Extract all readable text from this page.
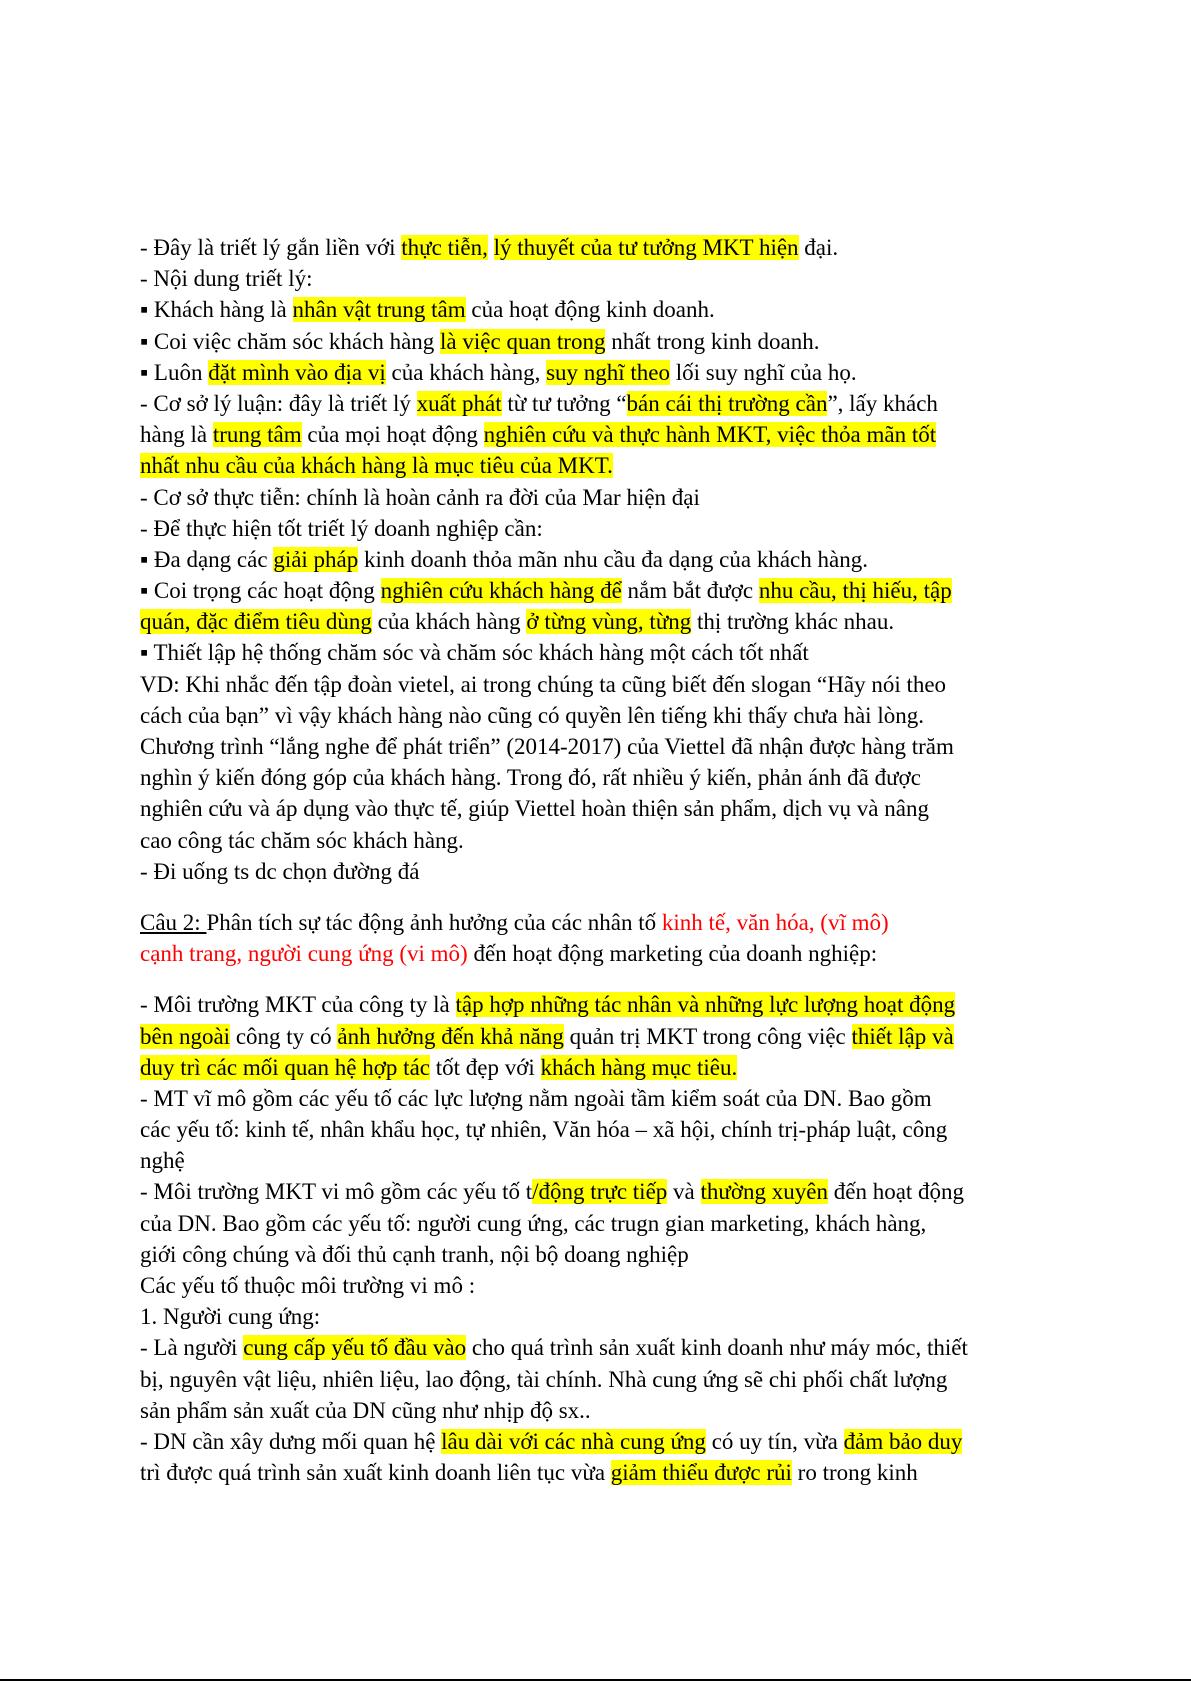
- Đây là triết lý gắn liền với thực tiễn, lý thuyết của tư tưởng MKT hiện đại.
- Nội dung triết lý:
▪ Khách hàng là nhân vật trung tâm của hoạt động kinh doanh.
▪ Coi việc chăm sóc khách hàng là việc quan trong nhất trong kinh doanh.
▪ Luôn đặt mình vào địa vị của khách hàng, suy nghĩ theo lối suy nghĩ của họ.
- Cơ sở lý luận: đây là triết lý xuất phát từ tư tưởng “bán cái thị trường cần”, lấy khách
hàng là trung tâm của mọi hoạt động nghiên cứu và thực hành MKT, việc thỏa mãn tốt
nhất nhu cầu của khách hàng là mục tiêu của MKT.
- Cơ sở thực tiễn: chính là hoàn cảnh ra đời của Mar hiện đại
- Để thực hiện tốt triết lý doanh nghiệp cần:
▪ Đa dạng các giải pháp kinh doanh thỏa mãn nhu cầu đa dạng của khách hàng.
▪ Coi trọng các hoạt động nghiên cứu khách hàng để nắm bắt được nhu cầu, thị hiếu, tập
quán, đặc điểm tiêu dùng của khách hàng ở từng vùng, từng thị trường khác nhau.
▪ Thiết lập hệ thống chăm sóc và chăm sóc khách hàng một cách tốt nhất
VD: Khi nhắc đến tập đoàn vietel, ai trong chúng ta cũng biết đến slogan “Hãy nói theo
cách của bạn” vì vậy khách hàng nào cũng có quyền lên tiếng khi thấy chưa hài lòng.
Chương trình “lắng nghe để phát triển” (2014-2017) của Viettel đã nhận được hàng trăm
nghìn ý kiến đóng góp của khách hàng. Trong đó, rất nhiều ý kiến, phản ánh đã được
nghiên cứu và áp dụng vào thực tế, giúp Viettel hoàn thiện sản phẩm, dịch vụ và nâng
cao công tác chăm sóc khách hàng.
- Đi uống ts dc chọn đường đá
Câu 2: Phân tích sự tác động ảnh hưởng của các nhân tố kinh tế, văn hóa, (vĩ mô)
cạnh trang, người cung ứng (vi mô) đến hoạt động marketing của doanh nghiệp:
- Môi trường MKT của công ty là tập hợp những tác nhân và những lực lượng hoạt động
bên ngoài công ty có ảnh hưởng đến khả năng quản trị MKT trong công việc thiết lập và
duy trì các mối quan hệ hợp tác tốt đẹp với khách hàng mục tiêu.
- MT vĩ mô gồm các yếu tố các lực lượng nằm ngoài tầm kiểm soát của DN. Bao gồm
các yếu tố: kinh tế, nhân khẩu học, tự nhiên, Văn hóa – xã hội, chính trị-pháp luật, công
nghệ
- Môi trường MKT vi mô gồm các yếu tố t/động trực tiếp và thường xuyên đến hoạt động
của DN. Bao gồm các yếu tố: người cung ứng, các trugn gian marketing, khách hàng,
giới công chúng và đối thủ cạnh tranh, nội bộ doang nghiệp
Các yếu tố thuộc môi trường vi mô :
1. Người cung ứng:
- Là người cung cấp yếu tố đầu vào cho quá trình sản xuất kinh doanh như máy móc, thiết
bị, nguyên vật liệu, nhiên liệu, lao động, tài chính. Nhà cung ứng sẽ chi phối chất lượng
sản phẩm sản xuất của DN cũng như nhịp độ sx..
- DN cần xây dưng mối quan hệ lâu dài với các nhà cung ứng có uy tín, vừa đảm bảo duy
trì được quá trình sản xuất kinh doanh liên tục vừa giảm thiểu được rủi ro trong kinh
